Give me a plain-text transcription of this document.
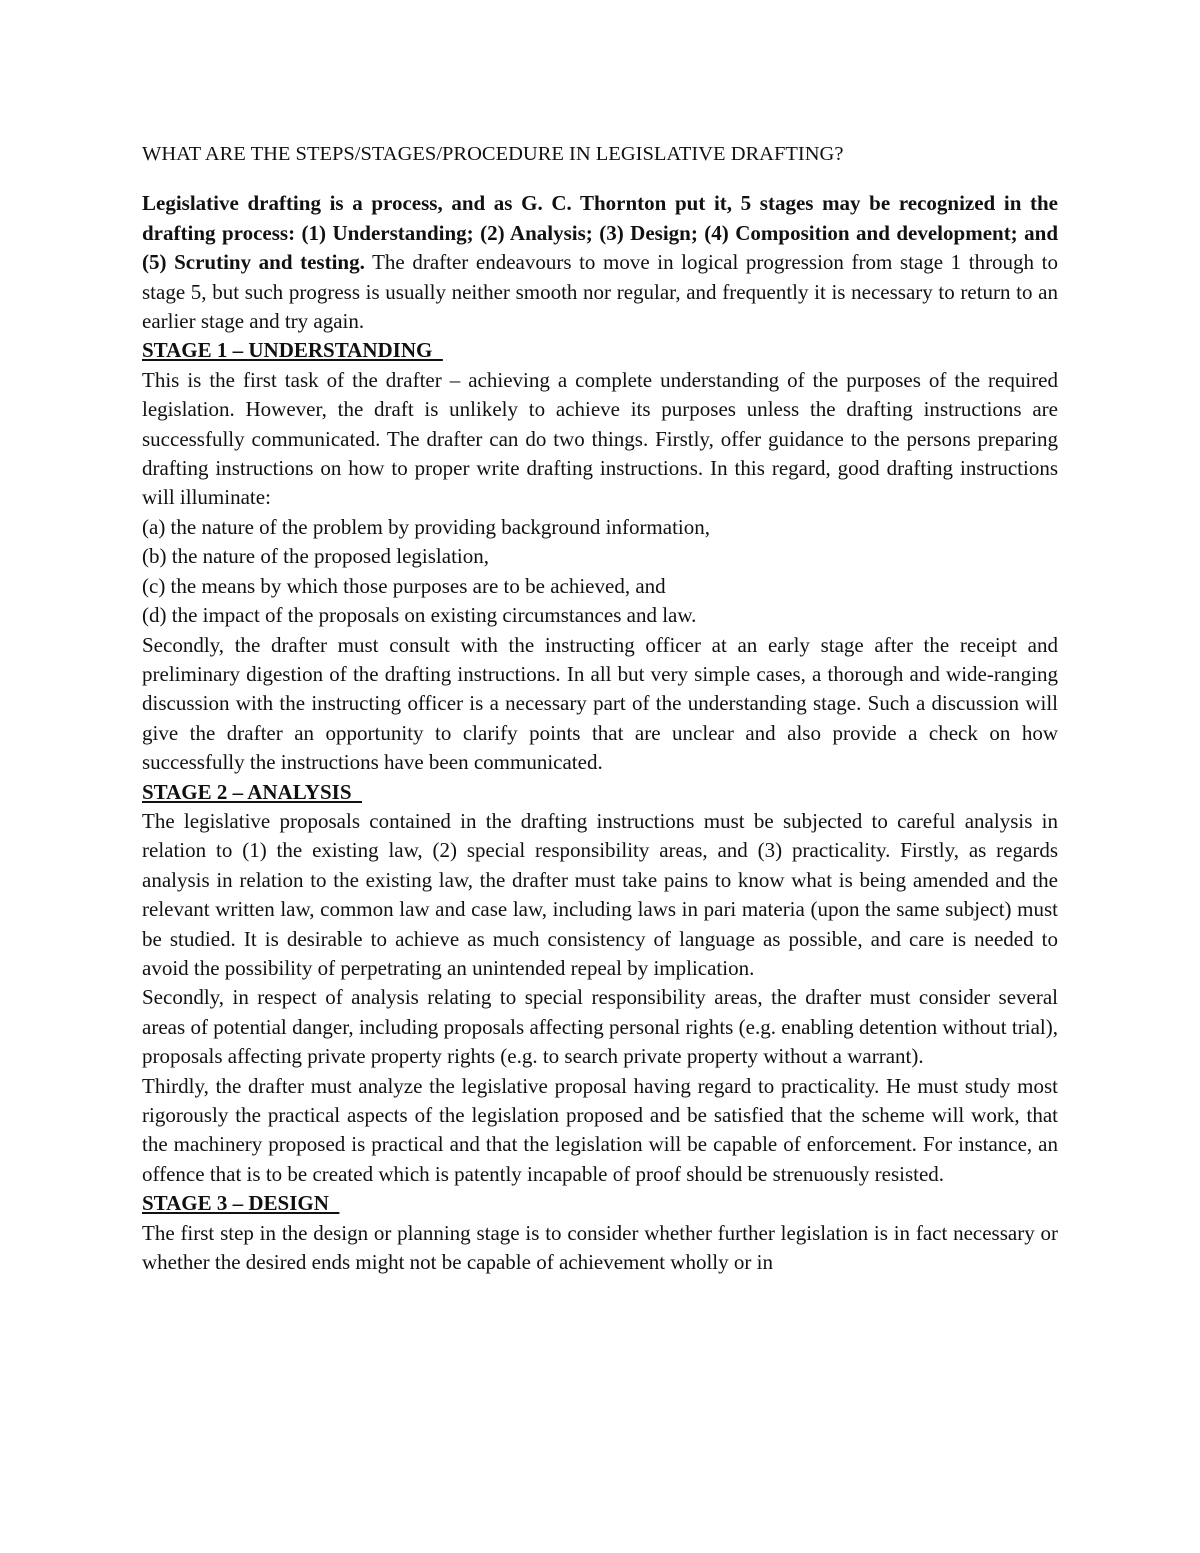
WHAT ARE THE STEPS/STAGES/PROCEDURE IN LEGISLATIVE DRAFTING?

Legislative drafting is a process, and as G. C. Thornton put it, 5 stages may be recognized in the drafting process: (1) Understanding; (2) Analysis; (3) Design; (4) Composition and development; and (5) Scrutiny and testing. The drafter endeavours to move in logical progression from stage 1 through to stage 5, but such progress is usually neither smooth nor regular, and frequently it is necessary to return to an earlier stage and try again.

STAGE 1 – UNDERSTANDING

This is the first task of the drafter – achieving a complete understanding of the purposes of the required legislation. However, the draft is unlikely to achieve its purposes unless the drafting instructions are successfully communicated. The drafter can do two things. Firstly, offer guidance to the persons preparing drafting instructions on how to proper write drafting instructions. In this regard, good drafting instructions will illuminate:

(a) the nature of the problem by providing background information,

(b) the nature of the proposed legislation,

(c) the means by which those purposes are to be achieved, and

(d) the impact of the proposals on existing circumstances and law.

Secondly, the drafter must consult with the instructing officer at an early stage after the receipt and preliminary digestion of the drafting instructions. In all but very simple cases, a thorough and wide-ranging discussion with the instructing officer is a necessary part of the understanding stage. Such a discussion will give the drafter an opportunity to clarify points that are unclear and also provide a check on how successfully the instructions have been communicated.

STAGE 2 – ANALYSIS

The legislative proposals contained in the drafting instructions must be subjected to careful analysis in relation to (1) the existing law, (2) special responsibility areas, and (3) practicality. Firstly, as regards analysis in relation to the existing law, the drafter must take pains to know what is being amended and the relevant written law, common law and case law, including laws in pari materia (upon the same subject) must be studied. It is desirable to achieve as much consistency of language as possible, and care is needed to avoid the possibility of perpetrating an unintended repeal by implication.

Secondly, in respect of analysis relating to special responsibility areas, the drafter must consider several areas of potential danger, including proposals affecting personal rights (e.g. enabling detention without trial), proposals affecting private property rights (e.g. to search private property without a warrant).

Thirdly, the drafter must analyze the legislative proposal having regard to practicality. He must study most rigorously the practical aspects of the legislation proposed and be satisfied that the scheme will work, that the machinery proposed is practical and that the legislation will be capable of enforcement. For instance, an offence that is to be created which is patently incapable of proof should be strenuously resisted.

STAGE 3 – DESIGN

The first step in the design or planning stage is to consider whether further legislation is in fact necessary or whether the desired ends might not be capable of achievement wholly or in
